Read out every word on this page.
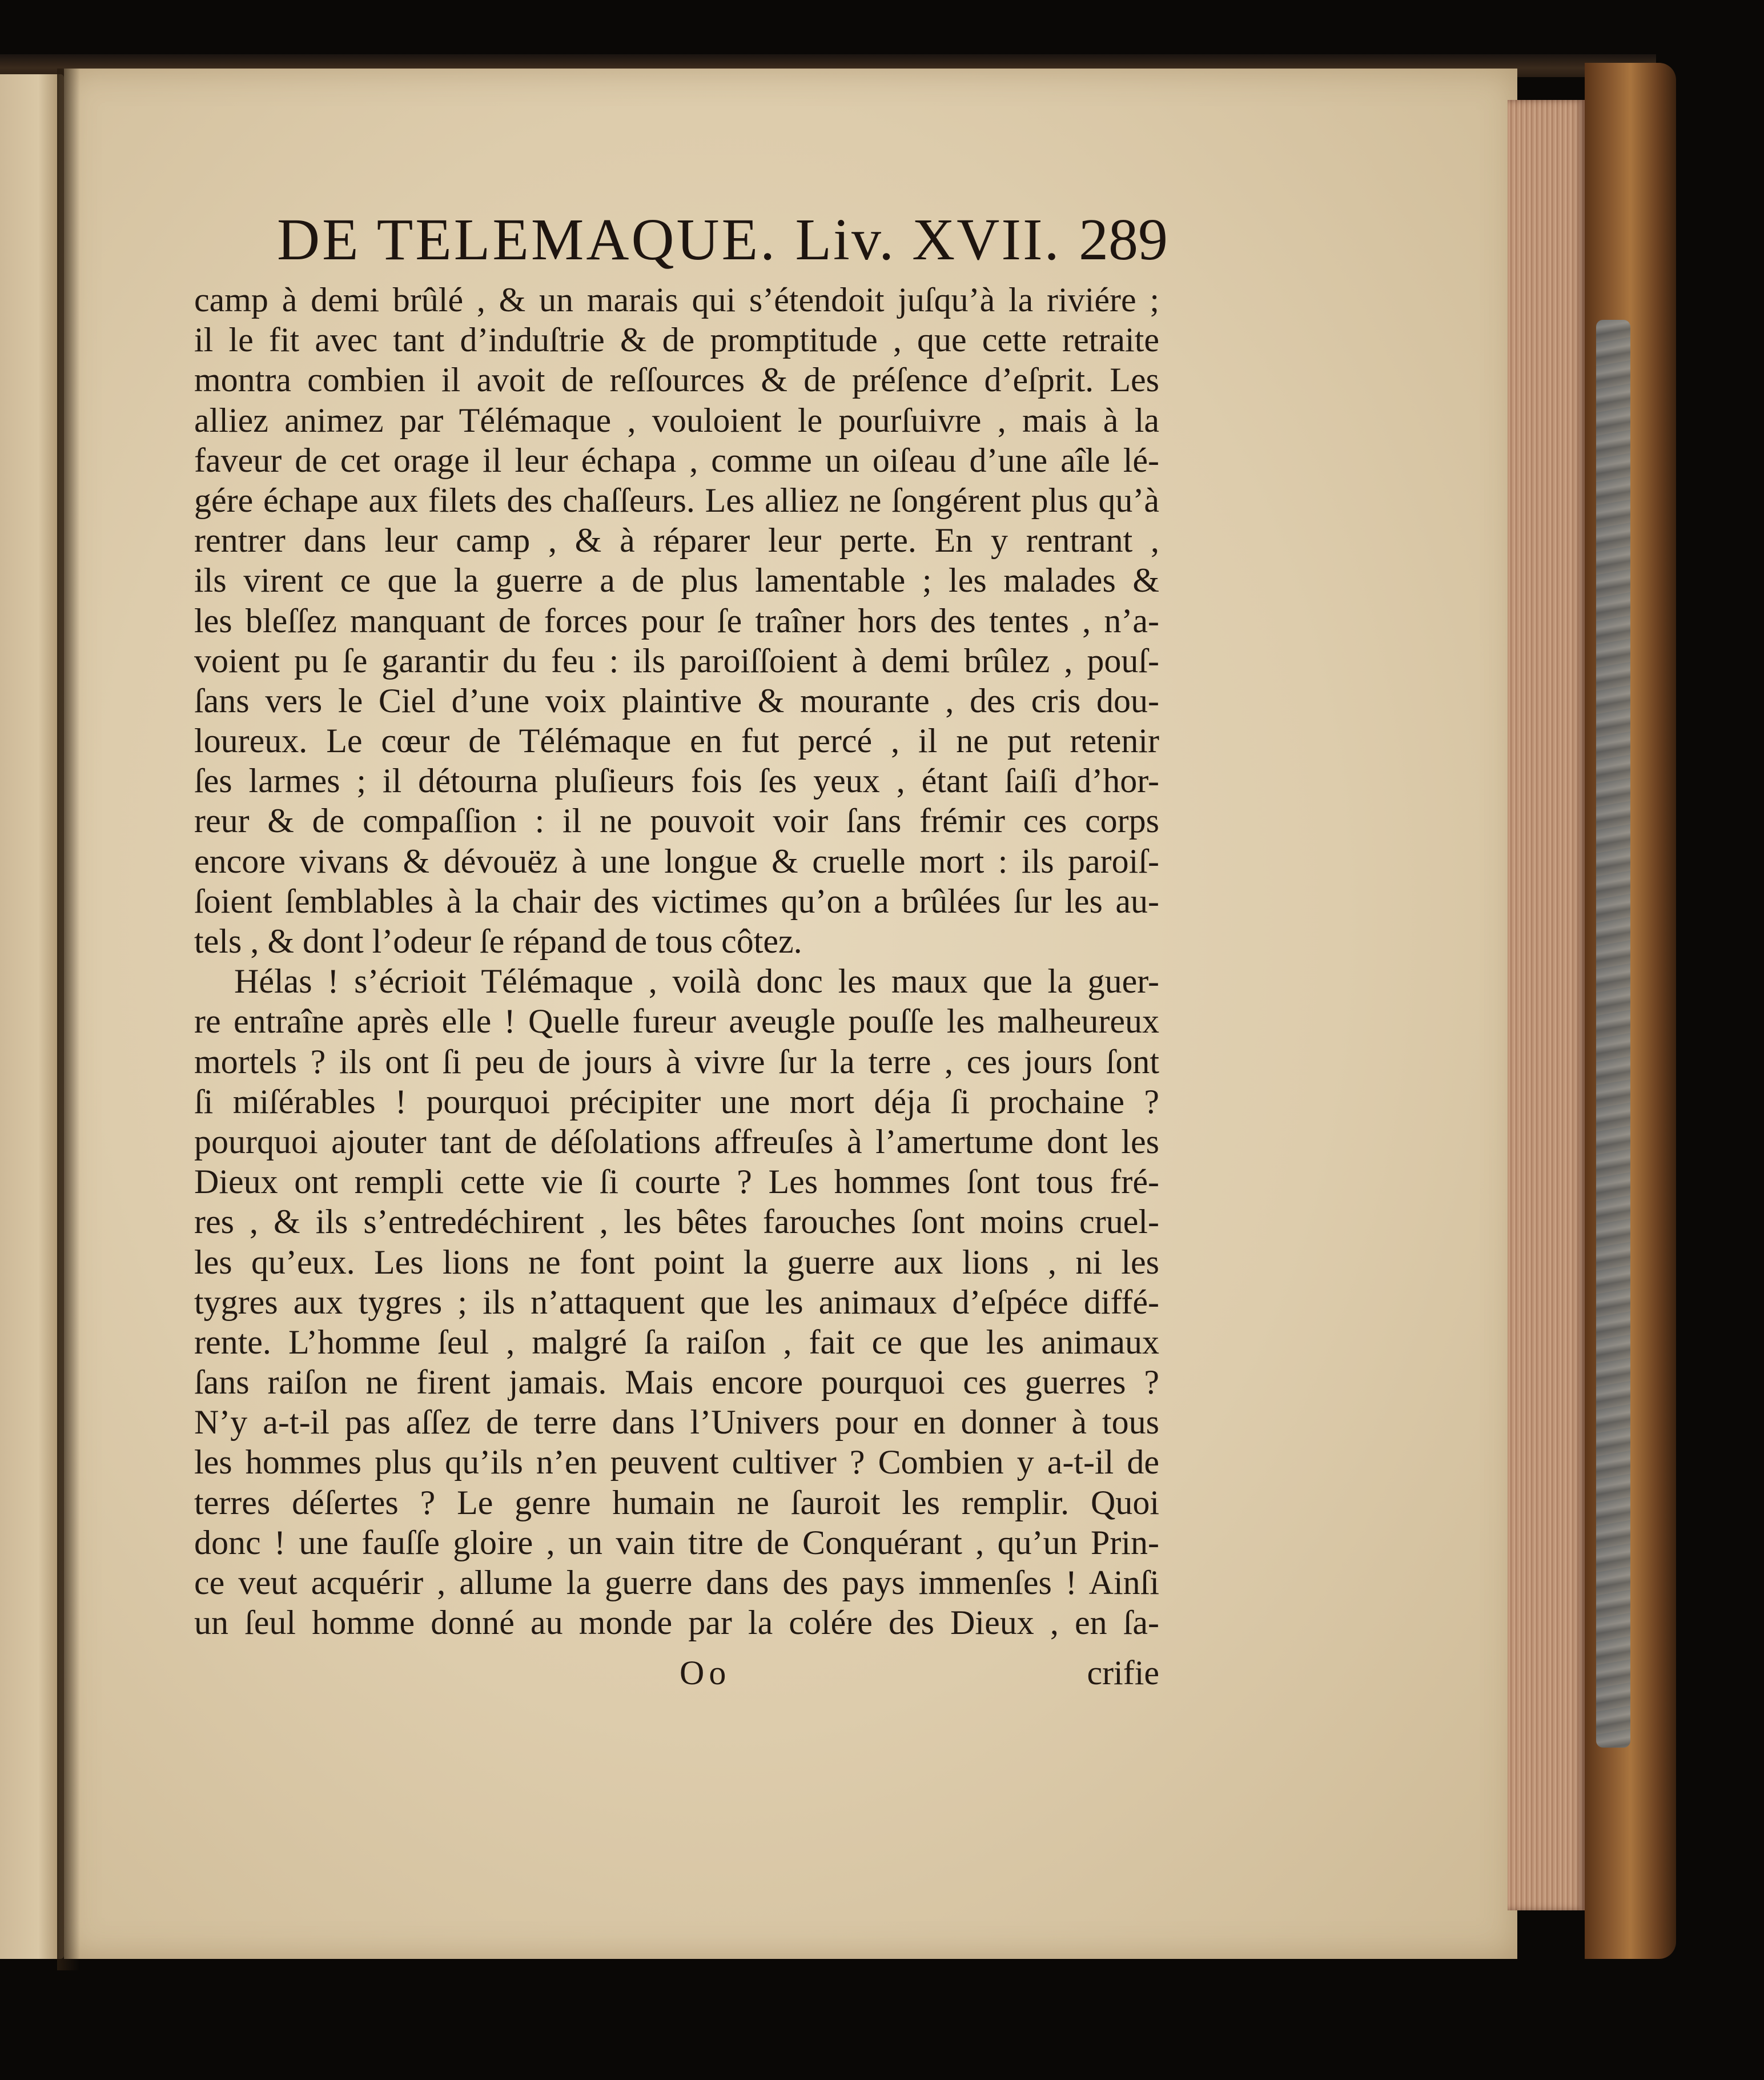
DE TELEMAQUE. Liv. XVII. 289
camp à demi brûlé , & un marais qui s’étendoit juſqu’à la riviére ;
il le fit avec tant d’induſtrie & de promptitude , que cette retraite
montra combien il avoit de reſſources & de préſence d’eſprit. Les
alliez animez par Télémaque , vouloient le pourſuivre , mais à la
faveur de cet orage il leur échapa , comme un oiſeau d’une aîle lé-
gére échape aux filets des chaſſeurs. Les alliez ne ſongérent plus qu’à
rentrer dans leur camp , & à réparer leur perte. En y rentrant ,
ils virent ce que la guerre a de plus lamentable ; les malades &
les bleſſez manquant de forces pour ſe traîner hors des tentes , n’a-
voient pu ſe garantir du feu : ils paroiſſoient à demi brûlez , pouſ-
ſans vers le Ciel d’une voix plaintive & mourante , des cris dou-
loureux. Le cœur de Télémaque en fut percé , il ne put retenir
ſes larmes ; il détourna pluſieurs fois ſes yeux , étant ſaiſi d’hor-
reur & de compaſſion : il ne pouvoit voir ſans frémir ces corps
encore vivans & dévouëz à une longue & cruelle mort : ils paroiſ-
ſoient ſemblables à la chair des victimes qu’on a brûlées ſur les au-
tels , & dont l’odeur ſe répand de tous côtez.
Hélas ! s’écrioit Télémaque , voilà donc les maux que la guer-
re entraîne après elle ! Quelle fureur aveugle pouſſe les malheureux
mortels ? ils ont ſi peu de jours à vivre ſur la terre , ces jours ſont
ſi miſérables ! pourquoi précipiter une mort déja ſi prochaine ?
pourquoi ajouter tant de déſolations affreuſes à l’amertume dont les
Dieux ont rempli cette vie ſi courte ? Les hommes ſont tous fré-
res , & ils s’entredéchirent , les bêtes farouches ſont moins cruel-
les qu’eux. Les lions ne font point la guerre aux lions , ni les
tygres aux tygres ; ils n’attaquent que les animaux d’eſpéce diffé-
rente. L’homme ſeul , malgré ſa raiſon , fait ce que les animaux
ſans raiſon ne firent jamais. Mais encore pourquoi ces guerres ?
N’y a-t-il pas aſſez de terre dans l’Univers pour en donner à tous
les hommes plus qu’ils n’en peuvent cultiver ? Combien y a-t-il de
terres déſertes ? Le genre humain ne ſauroit les remplir. Quoi
donc ! une fauſſe gloire , un vain titre de Conquérant , qu’un Prin-
ce veut acquérir , allume la guerre dans des pays immenſes ! Ainſi
un ſeul homme donné au monde par la colére des Dieux , en ſa-
Oo	crifie
